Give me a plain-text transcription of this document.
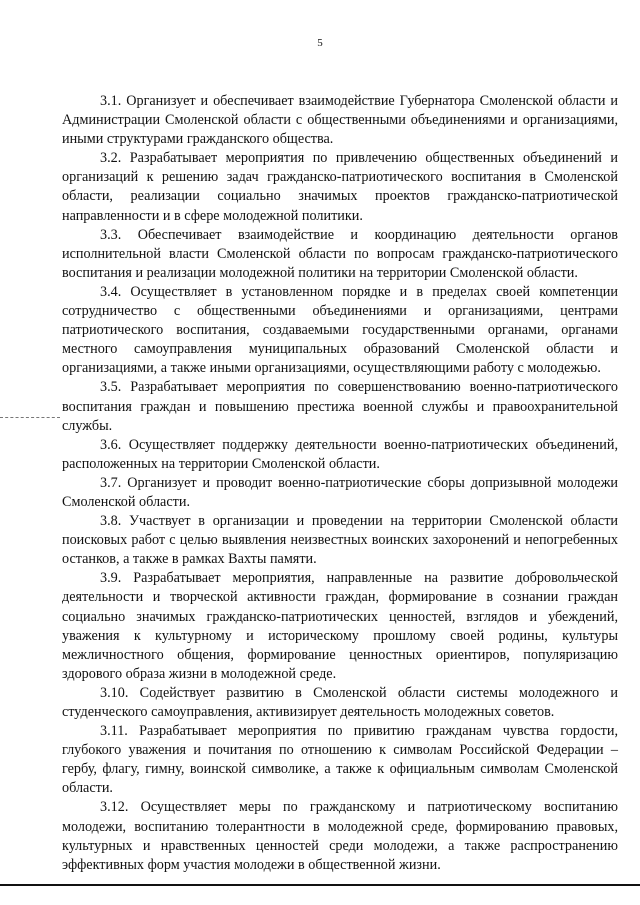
5

3.1. Организует и обеспечивает взаимодействие Губернатора Смоленской области и Администрации Смоленской области с общественными объединениями и организациями, иными структурами гражданского общества.

3.2. Разрабатывает мероприятия по привлечению общественных объединений и организаций к решению задач гражданско-патриотического воспитания в Смоленской области, реализации социально значимых проектов гражданско-патриотической направленности и в сфере молодежной политики.

3.3. Обеспечивает взаимодействие и координацию деятельности органов исполнительной власти Смоленской области по вопросам гражданско-патриотического воспитания и реализации молодежной политики на территории Смоленской области.

3.4. Осуществляет в установленном порядке и в пределах своей компетенции сотрудничество с общественными объединениями и организациями, центрами патриотического воспитания, создаваемыми государственными органами, органами местного самоуправления муниципальных образований Смоленской области и организациями, а также иными организациями, осуществляющими работу с молодежью.

3.5. Разрабатывает мероприятия по совершенствованию военно-патриотического воспитания граждан и повышению престижа военной службы и правоохранительной службы.

3.6. Осуществляет поддержку деятельности военно-патриотических объединений, расположенных на территории Смоленской области.

3.7. Организует и проводит военно-патриотические сборы допризывной молодежи Смоленской области.

3.8. Участвует в организации и проведении на территории Смоленской области поисковых работ с целью выявления неизвестных воинских захоронений и непогребенных останков, а также в рамках Вахты памяти.

3.9. Разрабатывает мероприятия, направленные на развитие добровольческой деятельности и творческой активности граждан, формирование в сознании граждан социально значимых гражданско-патриотических ценностей, взглядов и убеждений, уважения к культурному и историческому прошлому своей родины, культуры межличностного общения, формирование ценностных ориентиров, популяризацию здорового образа жизни в молодежной среде.

3.10. Содействует развитию в Смоленской области системы молодежного и студенческого самоуправления, активизирует деятельность молодежных советов.

3.11. Разрабатывает мероприятия по привитию гражданам чувства гордости, глубокого уважения и почитания по отношению к символам Российской Федерации – гербу, флагу, гимну, воинской символике, а также к официальным символам Смоленской области.

3.12. Осуществляет меры по гражданскому и патриотическому воспитанию молодежи, воспитанию толерантности в молодежной среде, формированию правовых, культурных и нравственных ценностей среди молодежи, а также распространению эффективных форм участия молодежи в общественной жизни.
